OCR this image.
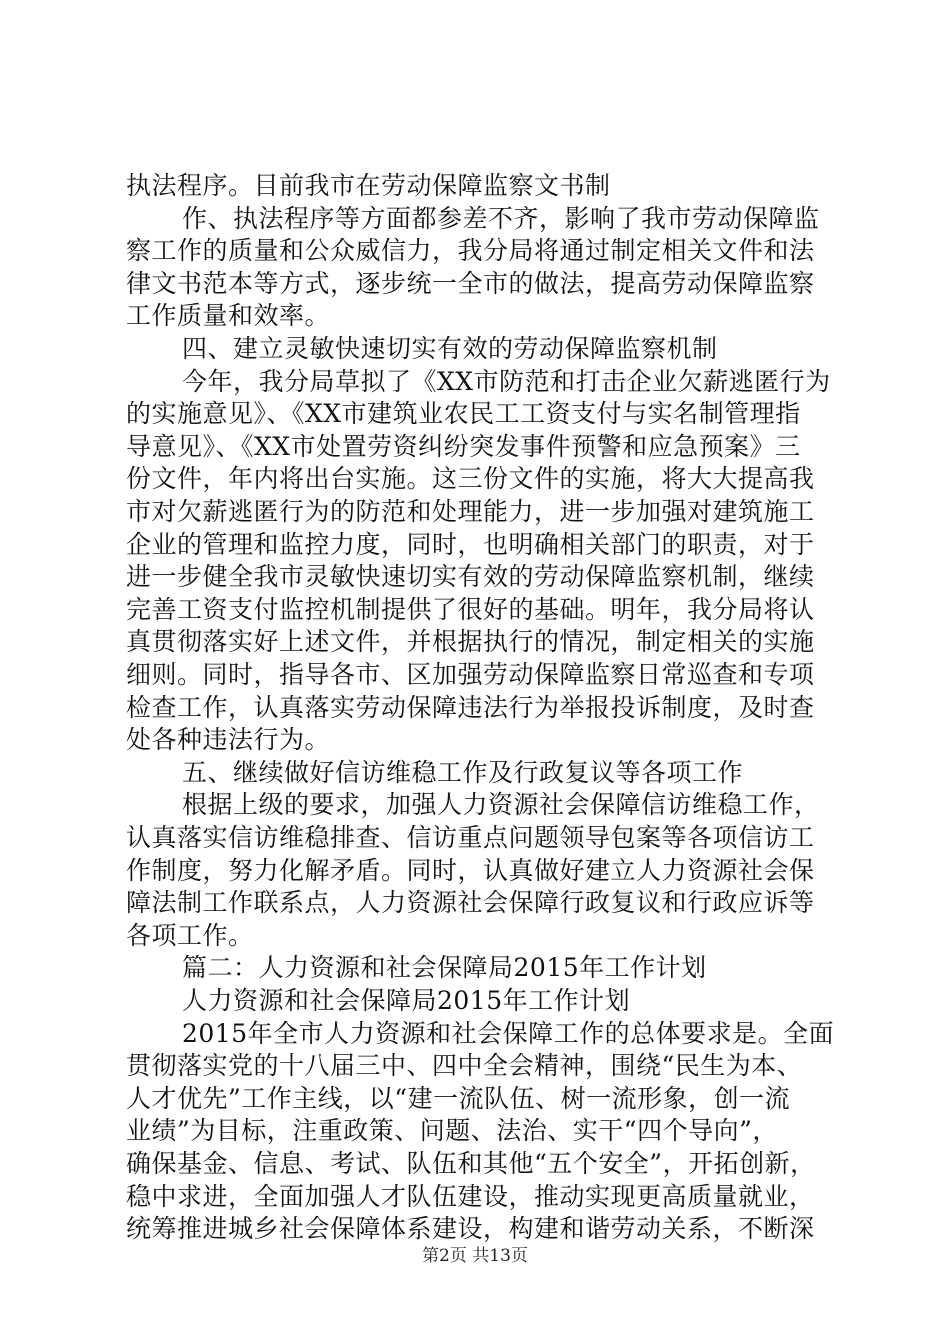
执法程序。目前我市在劳动保障监察文书制
作、执法程序等方面都参差不齐，影响了我市劳动保障监
察工作的质量和公众威信力，我分局将通过制定相关文件和法
律文书范本等方式，逐步统一全市的做法，提高劳动保障监察
工作质量和效率。
四、建立灵敏快速切实有效的劳动保障监察机制
今年，我分局草拟了《XX市防范和打击企业欠薪逃匿行为
的实施意见》、《XX市建筑业农民工工资支付与实名制管理指
导意见》、《XX市处置劳资纠纷突发事件预警和应急预案》三
份文件，年内将出台实施。这三份文件的实施，将大大提高我
市对欠薪逃匿行为的防范和处理能力，进一步加强对建筑施工
企业的管理和监控力度，同时，也明确相关部门的职责，对于
进一步健全我市灵敏快速切实有效的劳动保障监察机制，继续
完善工资支付监控机制提供了很好的基础。明年，我分局将认
真贯彻落实好上述文件，并根据执行的情况，制定相关的实施
细则。同时，指导各市、区加强劳动保障监察日常巡查和专项
检查工作，认真落实劳动保障违法行为举报投诉制度，及时查
处各种违法行为。
五、继续做好信访维稳工作及行政复议等各项工作
根据上级的要求，加强人力资源社会保障信访维稳工作，
认真落实信访维稳排查、信访重点问题领导包案等各项信访工
作制度，努力化解矛盾。同时，认真做好建立人力资源社会保
障法制工作联系点，人力资源社会保障行政复议和行政应诉等
各项工作。
篇二：人力资源和社会保障局2015年工作计划
人力资源和社会保障局2015年工作计划
2015年全市人力资源和社会保障工作的总体要求是。全面
贯彻落实党的十八届三中、四中全会精神，围绕“民生为本、
人才优先”工作主线，以“建一流队伍、树一流形象，创一流
业绩”为目标，注重政策、问题、法治、实干“四个导向”，
确保基金、信息、考试、队伍和其他“五个安全”，开拓创新，
稳中求进，全面加强人才队伍建设，推动实现更高质量就业，
统筹推进城乡社会保障体系建设，构建和谐劳动关系，不断深
第2页 共13页
